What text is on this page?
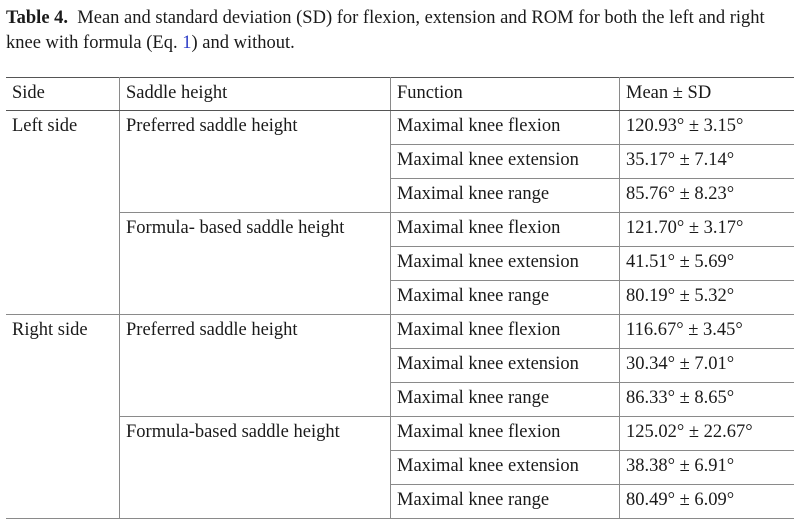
Table 4. Mean and standard deviation (SD) for flexion, extension and ROM for both the left and right knee with formula (Eq. 1) and without.
Side	Saddle height	Function	Mean ± SD
Left side	Preferred saddle height	Maximal knee flexion	120.93° ± 3.15°
		Maximal knee extension	35.17° ± 7.14°
		Maximal knee range	85.76° ± 8.23°
	Formula- based saddle height	Maximal knee flexion	121.70° ± 3.17°
		Maximal knee extension	41.51° ± 5.69°
		Maximal knee range	80.19° ± 5.32°
Right side	Preferred saddle height	Maximal knee flexion	116.67° ± 3.45°
		Maximal knee extension	30.34° ± 7.01°
		Maximal knee range	86.33° ± 8.65°
	Formula-based saddle height	Maximal knee flexion	125.02° ± 22.67°
		Maximal knee extension	38.38° ± 6.91°
		Maximal knee range	80.49° ± 6.09°
